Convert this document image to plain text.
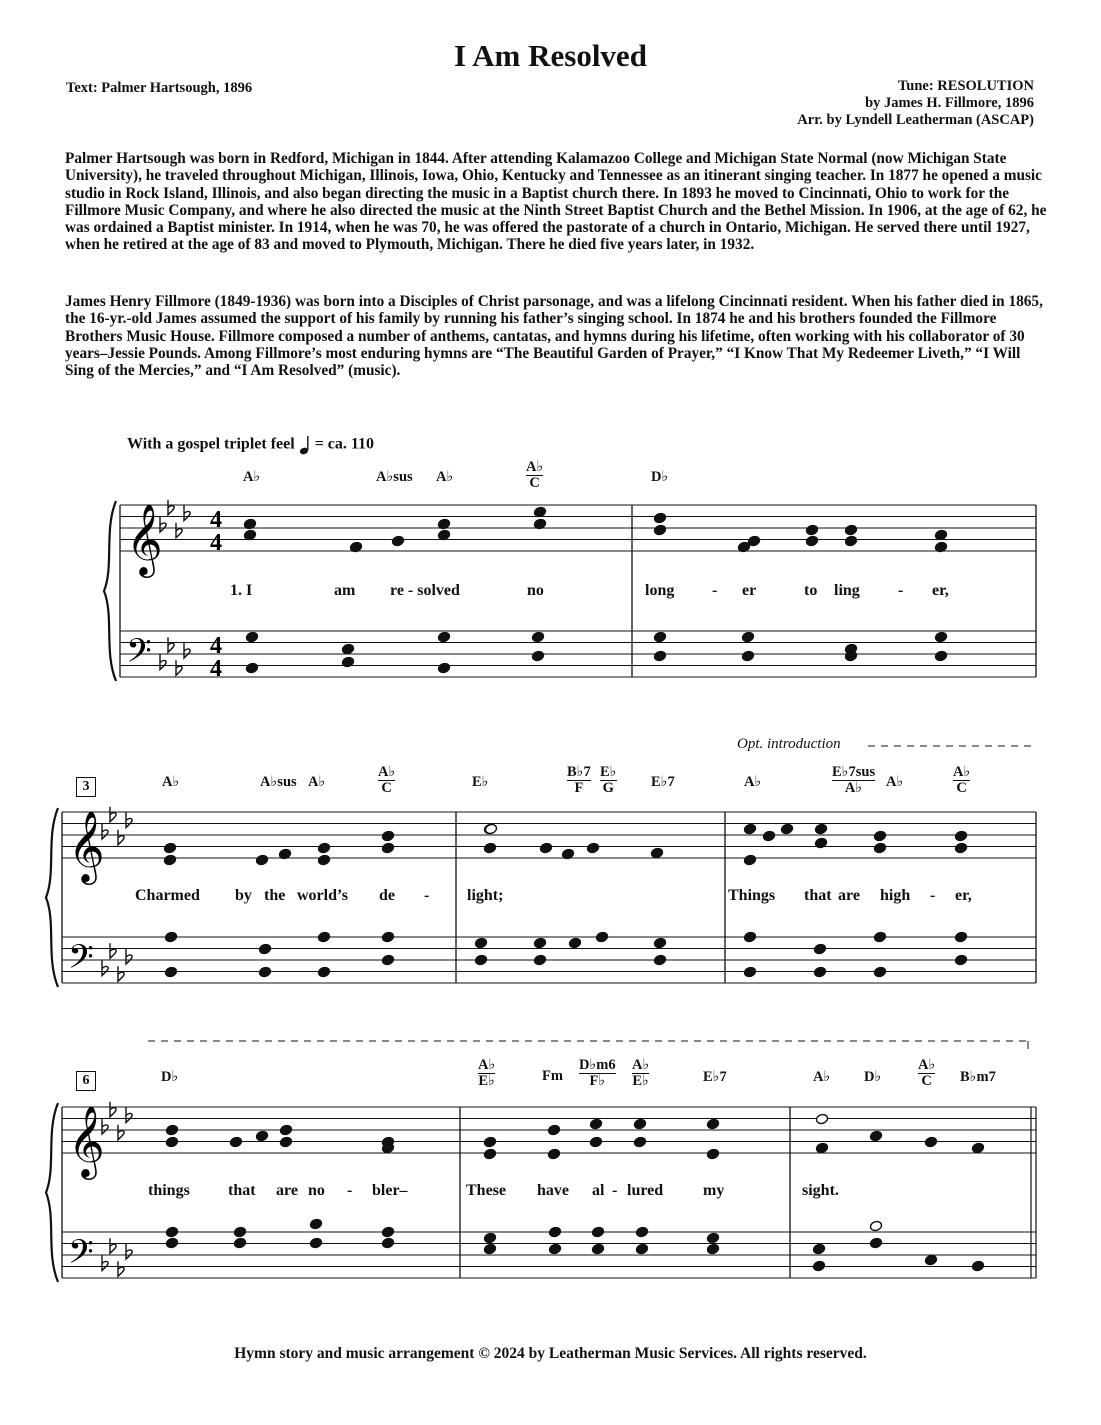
I Am Resolved
Text: Palmer Hartsough, 1896	Tune: RESOLUTION
by James H. Fillmore, 1896
Arr. by Lyndell Leatherman (ASCAP)
Palmer Hartsough was born in Redford, Michigan in 1844. After attending Kalamazoo College and Michigan State Normal (now Michigan State University), he traveled throughout Michigan, Illinois, Iowa, Ohio, Kentucky and Tennessee as an itinerant singing teacher. In 1877 he opened a music studio in Rock Island, Illinois, and also began directing the music in a Baptist church there. In 1893 he moved to Cincinnati, Ohio to work for the Fillmore Music Company, and where he also directed the music at the Ninth Street Baptist Church and the Bethel Mission. In 1906, at the age of 62, he was ordained a Baptist minister. In 1914, when he was 70, he was offered the pastorate of a church in Ontario, Michigan. He served there until 1927, when he retired at the age of 83 and moved to Plymouth, Michigan. There he died five years later, in 1932.
James Henry Fillmore (1849-1936) was born into a Disciples of Christ parsonage, and was a lifelong Cincinnati resident. When his father died in 1865, the 16-yr.-old James assumed the support of his family by running his father’s singing school. In 1874 he and his brothers founded the Fillmore Brothers Music House. Fillmore composed a number of anthems, cantatas, and hymns during his lifetime, often working with his collaborator of 30 years–Jessie Pounds. Among Fillmore’s most enduring hymns are “The Beautiful Garden of Prayer,” “I Know That My Redeemer Liveth,” “I Will Sing of the Mercies,” and “I Am Resolved” (music).
With a gospel triplet feel = ca. 110
𝄞
𝄢
4
4
4
4
𝄞
𝄢
𝄞
𝄢
A♭	A♭sus A♭	$\frac{A♭}{C}$	D♭
1. I	am re - solved	no	long - er	to ling - er,
3
Opt. introduction
A♭	A♭sus A♭	$\frac{A♭}{C}$	E♭	$\frac{B♭7}{F} \frac{E♭}{G}$ E♭7	A♭	$\frac{\text{E♭7sus}}{A♭}$ A♭	$\frac{A♭}{C}$
Charmed by the world’s de - light;	Things that are high - er,
6	D♭	$\frac{A♭}{E♭}$	Fm $\frac{D♭m6}{F♭} \frac{A♭}{E♭}$	E♭7	A♭ D♭	$\frac{A♭}{C}$ B♭m7
things that are no - bler–	These have al - lured my	sight.
Hymn story and music arrangement © 2024 by Leatherman Music Services. All rights reserved.
